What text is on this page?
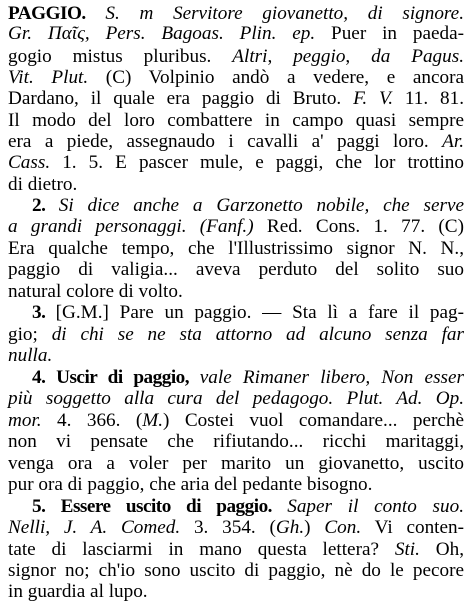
PAGGIO. S. m Servitore giovanetto, di signore.
Gr. Παῖς, Pers. Bagoas. Plin. ep. Puer in paeda-
gogio mistus pluribus. Altri, peggio, da Pagus.
Vit. Plut. (C) Volpinio andò a vedere, e ancora
Dardano, il quale era paggio di Bruto. F. V. 11. 81.
Il modo del loro combattere in campo quasi sempre
era a piede, assegnaudo i cavalli a' paggi loro. Ar.
Cass. 1. 5. E pascer mule, e paggi, che lor trottino
di dietro.
2. Si dice anche a Garzonetto nobile, che serve
a grandi personaggi. (Fanf.) Red. Cons. 1. 77. (C)
Era qualche tempo, che l'Illustrissimo signor N. N.,
paggio di valigia... aveva perduto del solito suo
natural colore di volto.
3. [G.M.] Pare un paggio. — Sta lì a fare il pag-
gio; di chi se ne sta attorno ad alcuno senza far
nulla.
4. Uscir di paggio, vale Rimaner libero, Non esser
più soggetto alla cura del pedagogo. Plut. Ad. Op.
mor. 4. 366. (M.) Costei vuol comandare... perchè
non vi pensate che rifiutando... ricchi maritaggi,
venga ora a voler per marito un giovanetto, uscito
pur ora di paggio, che aria del pedante bisogno.
5. Essere uscito di paggio. Saper il conto suo.
Nelli, J. A. Comed. 3. 354. (Gh.) Con. Vi conten-
tate di lasciarmi in mano questa lettera? Sti. Oh,
signor no; ch'io sono uscito di paggio, nè do le pecore
in guardia al lupo.
